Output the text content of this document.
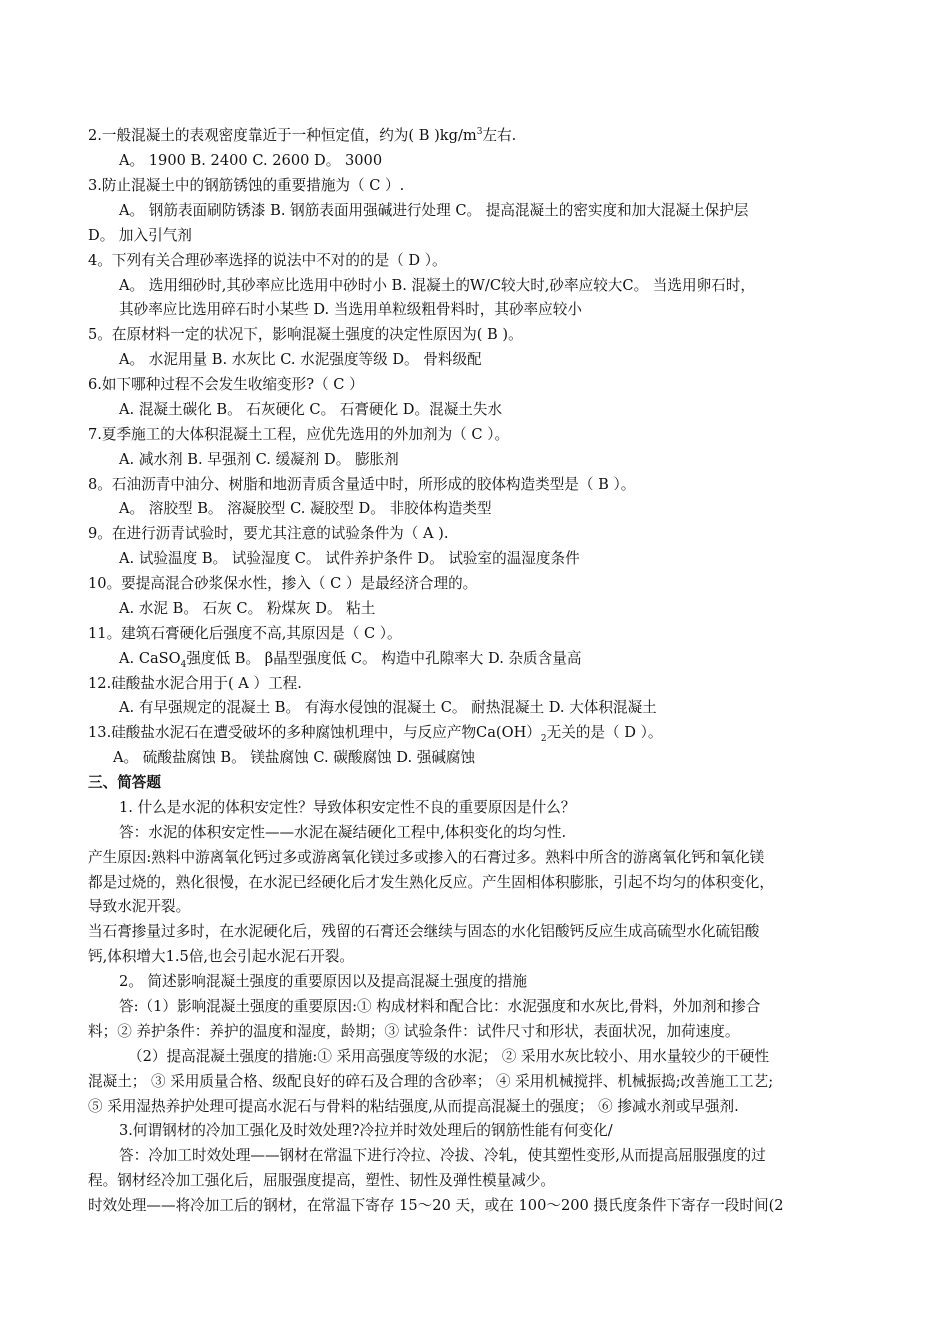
2.一般混凝土的表观密度靠近于一种恒定值，约为( B )$kg/m^3$左右.
A。 1900 B. 2400 C. 2600 D。 3000
3.防止混凝土中的钢筋锈蚀的重要措施为（ C ）.
A。 钢筋表面刷防锈漆 B. 钢筋表面用强碱进行处理 C。 提高混凝土的密实度和加大混凝土保护层
D。 加入引气剂
4。下列有关合理砂率选择的说法中不对的的是（ D ）。
A。 选用细砂时,其砂率应比选用中砂时小 B. 混凝土的W/C较大时,砂率应较大C。 当选用卵石时，
其砂率应比选用碎石时小某些 D. 当选用单粒级粗骨料时，其砂率应较小
5。在原材料一定的状况下，影响混凝土强度的决定性原因为( B )。
A。 水泥用量 B. 水灰比 C. 水泥强度等级 D。 骨料级配
6.如下哪种过程不会发生收缩变形?（ C ）
A. 混凝土碳化 B。 石灰硬化 C。 石膏硬化 D。混凝土失水
7.夏季施工的大体积混凝土工程，应优先选用的外加剂为（ C ）。
A. 减水剂 B. 早强剂 C. 缓凝剂 D。 膨胀剂
8。石油沥青中油分、树脂和地沥青质含量适中时，所形成的胶体构造类型是（ B ）。
A。 溶胶型 B。 溶凝胶型 C. 凝胶型 D。 非胶体构造类型
9。在进行沥青试验时，要尤其注意的试验条件为（ A ).
A. 试验温度 B。 试验湿度 C。 试件养护条件 D。 试验室的温湿度条件
10。要提高混合砂浆保水性，掺入（ C ）是最经济合理的。
A. 水泥 B。 石灰 C。 粉煤灰 D。 粘土
11。建筑石膏硬化后强度不高,其原因是（ C ）。
A. CaSO$_4$强度低 B。 β晶型强度低 C。 构造中孔隙率大 D. 杂质含量高
12.硅酸盐水泥合用于( A ）工程.
A. 有早强规定的混凝土 B。 有海水侵蚀的混凝土 C。 耐热混凝土 D. 大体积混凝土
13.硅酸盐水泥石在遭受破坏的多种腐蚀机理中，与反应产物$Ca(OH)_2$无关的是（ D ）。
A。 硫酸盐腐蚀 B。 镁盐腐蚀 C. 碳酸腐蚀 D. 强碱腐蚀
三、简答题
1. 什么是水泥的体积安定性？导致体积安定性不良的重要原因是什么？
答：水泥的体积安定性——水泥在凝结硬化工程中,体积变化的均匀性.
产生原因:熟料中游离氧化钙过多或游离氧化镁过多或掺入的石膏过多。熟料中所含的游离氧化钙和氧化镁
都是过烧的，熟化很慢，在水泥已经硬化后才发生熟化反应。产生固相体积膨胀，引起不均匀的体积变化，
导致水泥开裂。
当石膏掺量过多时，在水泥硬化后，残留的石膏还会继续与固态的水化铝酸钙反应生成高硫型水化硫铝酸
钙,体积增大1.5倍,也会引起水泥石开裂。
2。 简述影响混凝土强度的重要原因以及提高混凝土强度的措施
答:（1）影响混凝土强度的重要原因:① 构成材料和配合比：水泥强度和水灰比,骨料，外加剂和掺合
料；② 养护条件：养护的温度和湿度，龄期；③ 试验条件：试件尺寸和形状，表面状况，加荷速度。
（2）提高混凝土强度的措施:① 采用高强度等级的水泥； ② 采用水灰比较小、用水量较少的干硬性
混凝土； ③ 采用质量合格、级配良好的碎石及合理的含砂率； ④ 采用机械搅拌、机械振捣;改善施工工艺;
⑤ 采用湿热养护处理可提高水泥石与骨料的粘结强度,从而提高混凝土的强度； ⑥ 掺减水剂或早强剂.
3.何谓钢材的冷加工强化及时效处理?冷拉并时效处理后的钢筋性能有何变化/
答：冷加工时效处理——钢材在常温下进行冷拉、冷拔、冷轧，使其塑性变形,从而提高屈服强度的过
程。钢材经冷加工强化后，屈服强度提高，塑性、韧性及弹性模量减少。
时效处理——将冷加工后的钢材，在常温下寄存 15～20 天，或在 100～200 摄氏度条件下寄存一段时间(2
